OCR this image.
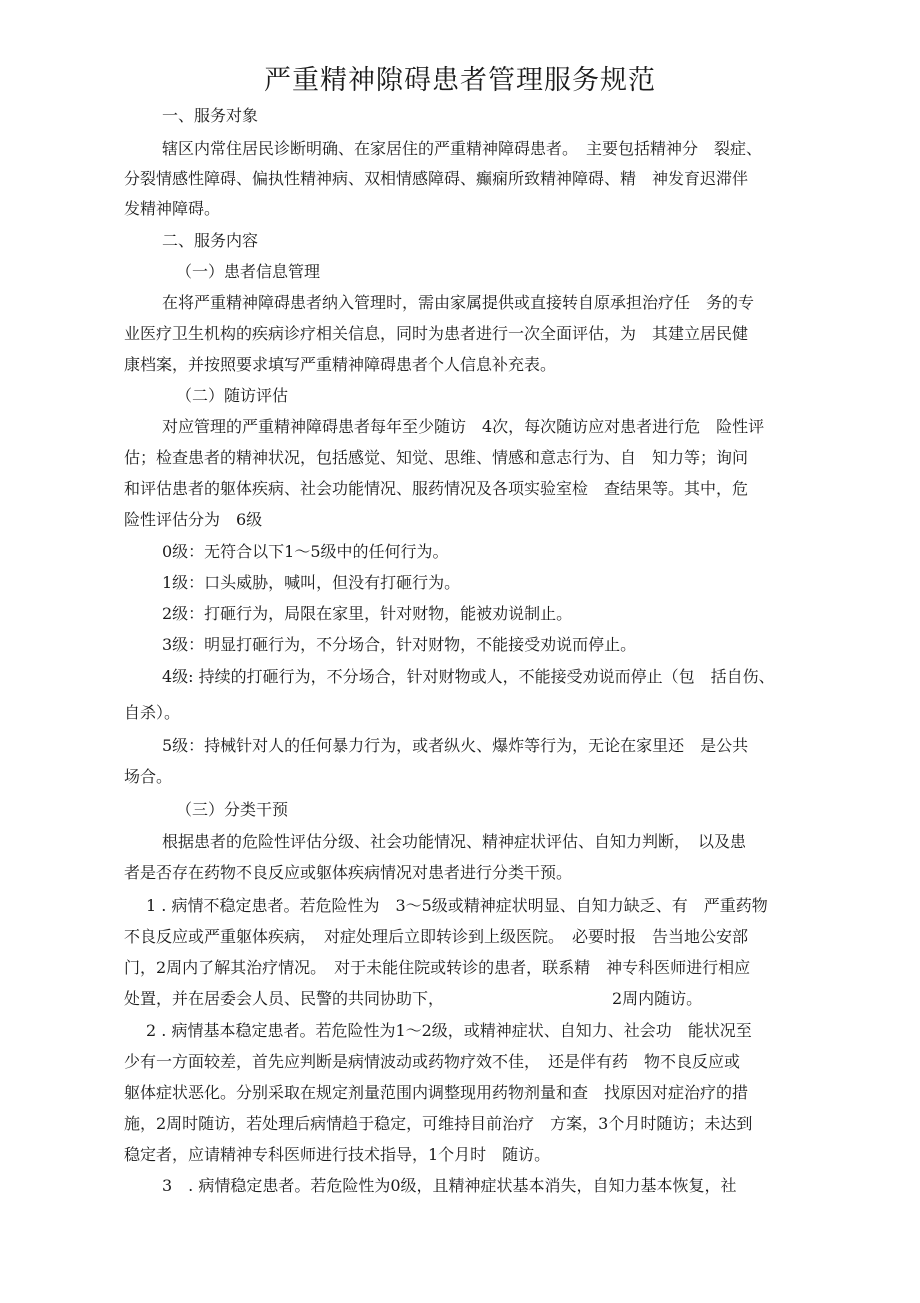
严重精神隙碍患者管理服务规范
一、服务对象
辖区内常住居民诊断明确、在家居住的严重精神障碍患者。　主要包括精神分　裂症、
分裂情感性障碍、偏执性精神病、双相情感障碍、癫痫所致精神障碍、精　神发育迟滞伴
发精神障碍。
二、服务内容
（一）患者信息管理
在将严重精神障碍患者纳入管理时，需由家属提供或直接转自原承担治疗任　务的专
业医疗卫生机构的疾病诊疗相关信息，同时为患者进行一次全面评估，为　其建立居民健
康档案，并按照要求填写严重精神障碍患者个人信息补充表。
（二）随访评估
对应管理的严重精神障碍患者每年至少随访　4次，每次随访应对患者进行危　险性评
估；检查患者的精神状况，包括感觉、知觉、思维、情感和意志行为、自　知力等；询问
和评估患者的躯体疾病、社会功能情况、服药情况及各项实验室检　查结果等。其中，危
险性评估分为　6级
0级：无符合以下1〜5级中的任何行为。
1级：口头威胁，喊叫，但没有打砸行为。
2级：打砸行为，局限在家里，针对财物，能被劝说制止。
3级：明显打砸行为，不分场合，针对财物，不能接受劝说而停止。
4级: 持续的打砸行为，不分场合，针对财物或人，不能接受劝说而停止（包　括自伤、
自杀）。
5级：持械针对人的任何暴力行为，或者纵火、爆炸等行为，无论在家里还　是公共
场合。
（三）分类干预
根据患者的危险性评估分级、社会功能情况、精神症状评估、自知力判断，　以及患
者是否存在药物不良反应或躯体疾病情况对患者进行分类干预。
1 . 病情不稳定患者。若危险性为　3〜5级或精神症状明显、自知力缺乏、有　严重药物
不良反应或严重躯体疾病，　对症处理后立即转诊到上级医院。　必要时报　告当地公安部
门，2周内了解其治疗情况。　对于未能住院或转诊的患者，联系精　神专科医师进行相应
处置，并在居委会人员、民警的共同协助下，　　　　　　　　　　　2周内随访。
2 . 病情基本稳定患者。若危险性为1〜2级，或精神症状、自知力、社会功　能状况至
少有一方面较差，首先应判断是病情波动或药物疗效不佳，　还是伴有药　物不良反应或
躯体症状恶化。分别采取在规定剂量范围内调整现用药物剂量和查　找原因对症治疗的措
施，2周时随访，若处理后病情趋于稳定，可维持目前治疗　方案，3个月时随访；未达到
稳定者，应请精神专科医师进行技术指导，1个月时　随访。
3　. 病情稳定患者。若危险性为0级，且精神症状基本消失，自知力基本恢复，社
